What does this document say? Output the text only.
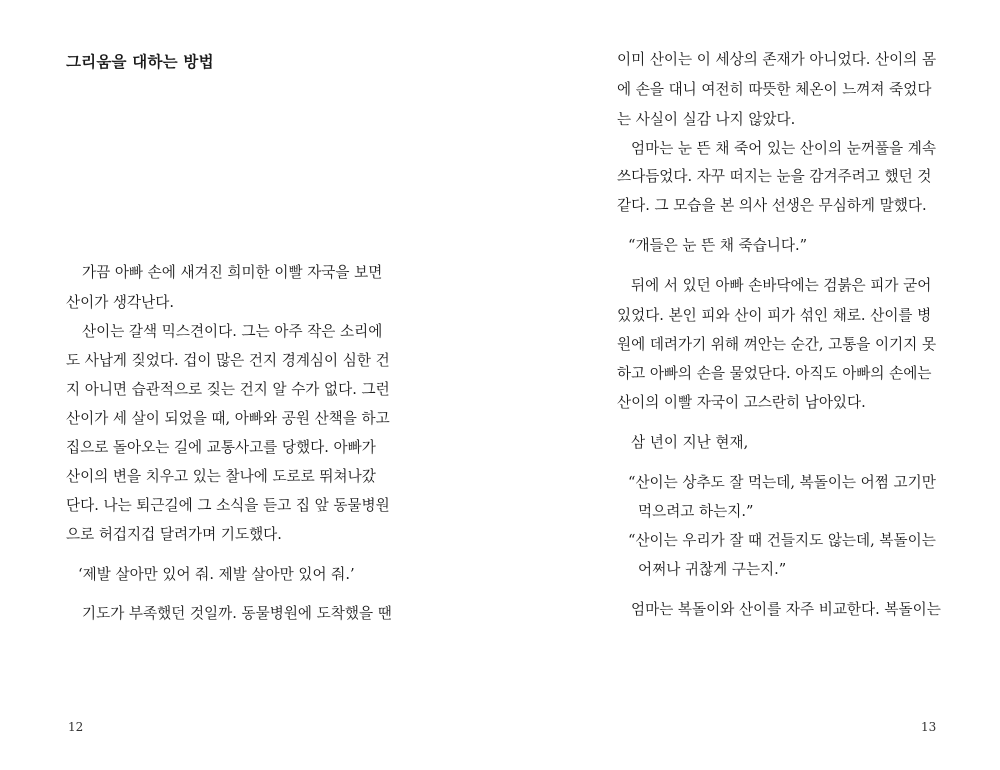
그리움을 대하는 방법
가끔 아빠 손에 새겨진 희미한 이빨 자국을 보면
산이가 생각난다.
산이는 갈색 믹스견이다. 그는 아주 작은 소리에
도 사납게 짖었다. 겁이 많은 건지 경계심이 심한 건
지 아니면 습관적으로 짖는 건지 알 수가 없다. 그런
산이가 세 살이 되었을 때, 아빠와 공원 산책을 하고
집으로 돌아오는 길에 교통사고를 당했다. 아빠가
산이의 변을 치우고 있는 찰나에 도로로 뛰쳐나갔
단다. 나는 퇴근길에 그 소식을 듣고 집 앞 동물병원
으로 허겁지겁 달려가며 기도했다.
‘제발 살아만 있어 줘. 제발 살아만 있어 줘.’
기도가 부족했던 것일까. 동물병원에 도착했을 땐
12
이미 산이는 이 세상의 존재가 아니었다. 산이의 몸
에 손을 대니 여전히 따뜻한 체온이 느껴져 죽었다
는 사실이 실감 나지 않았다.
엄마는 눈 뜬 채 죽어 있는 산이의 눈꺼풀을 계속
쓰다듬었다. 자꾸 떠지는 눈을 감겨주려고 했던 것
같다. 그 모습을 본 의사 선생은 무심하게 말했다.
“개들은 눈 뜬 채 죽습니다.”
뒤에 서 있던 아빠 손바닥에는 검붉은 피가 굳어
있었다. 본인 피와 산이 피가 섞인 채로. 산이를 병
원에 데려가기 위해 껴안는 순간, 고통을 이기지 못
하고 아빠의 손을 물었단다. 아직도 아빠의 손에는
산이의 이빨 자국이 고스란히 남아있다.
삼 년이 지난 현재,
“산이는 상추도 잘 먹는데, 복돌이는 어쩜 고기만
먹으려고 하는지.”
“산이는 우리가 잘 때 건들지도 않는데, 복돌이는
어쩌나 귀찮게 구는지.”
엄마는 복돌이와 산이를 자주 비교한다. 복돌이는
13
